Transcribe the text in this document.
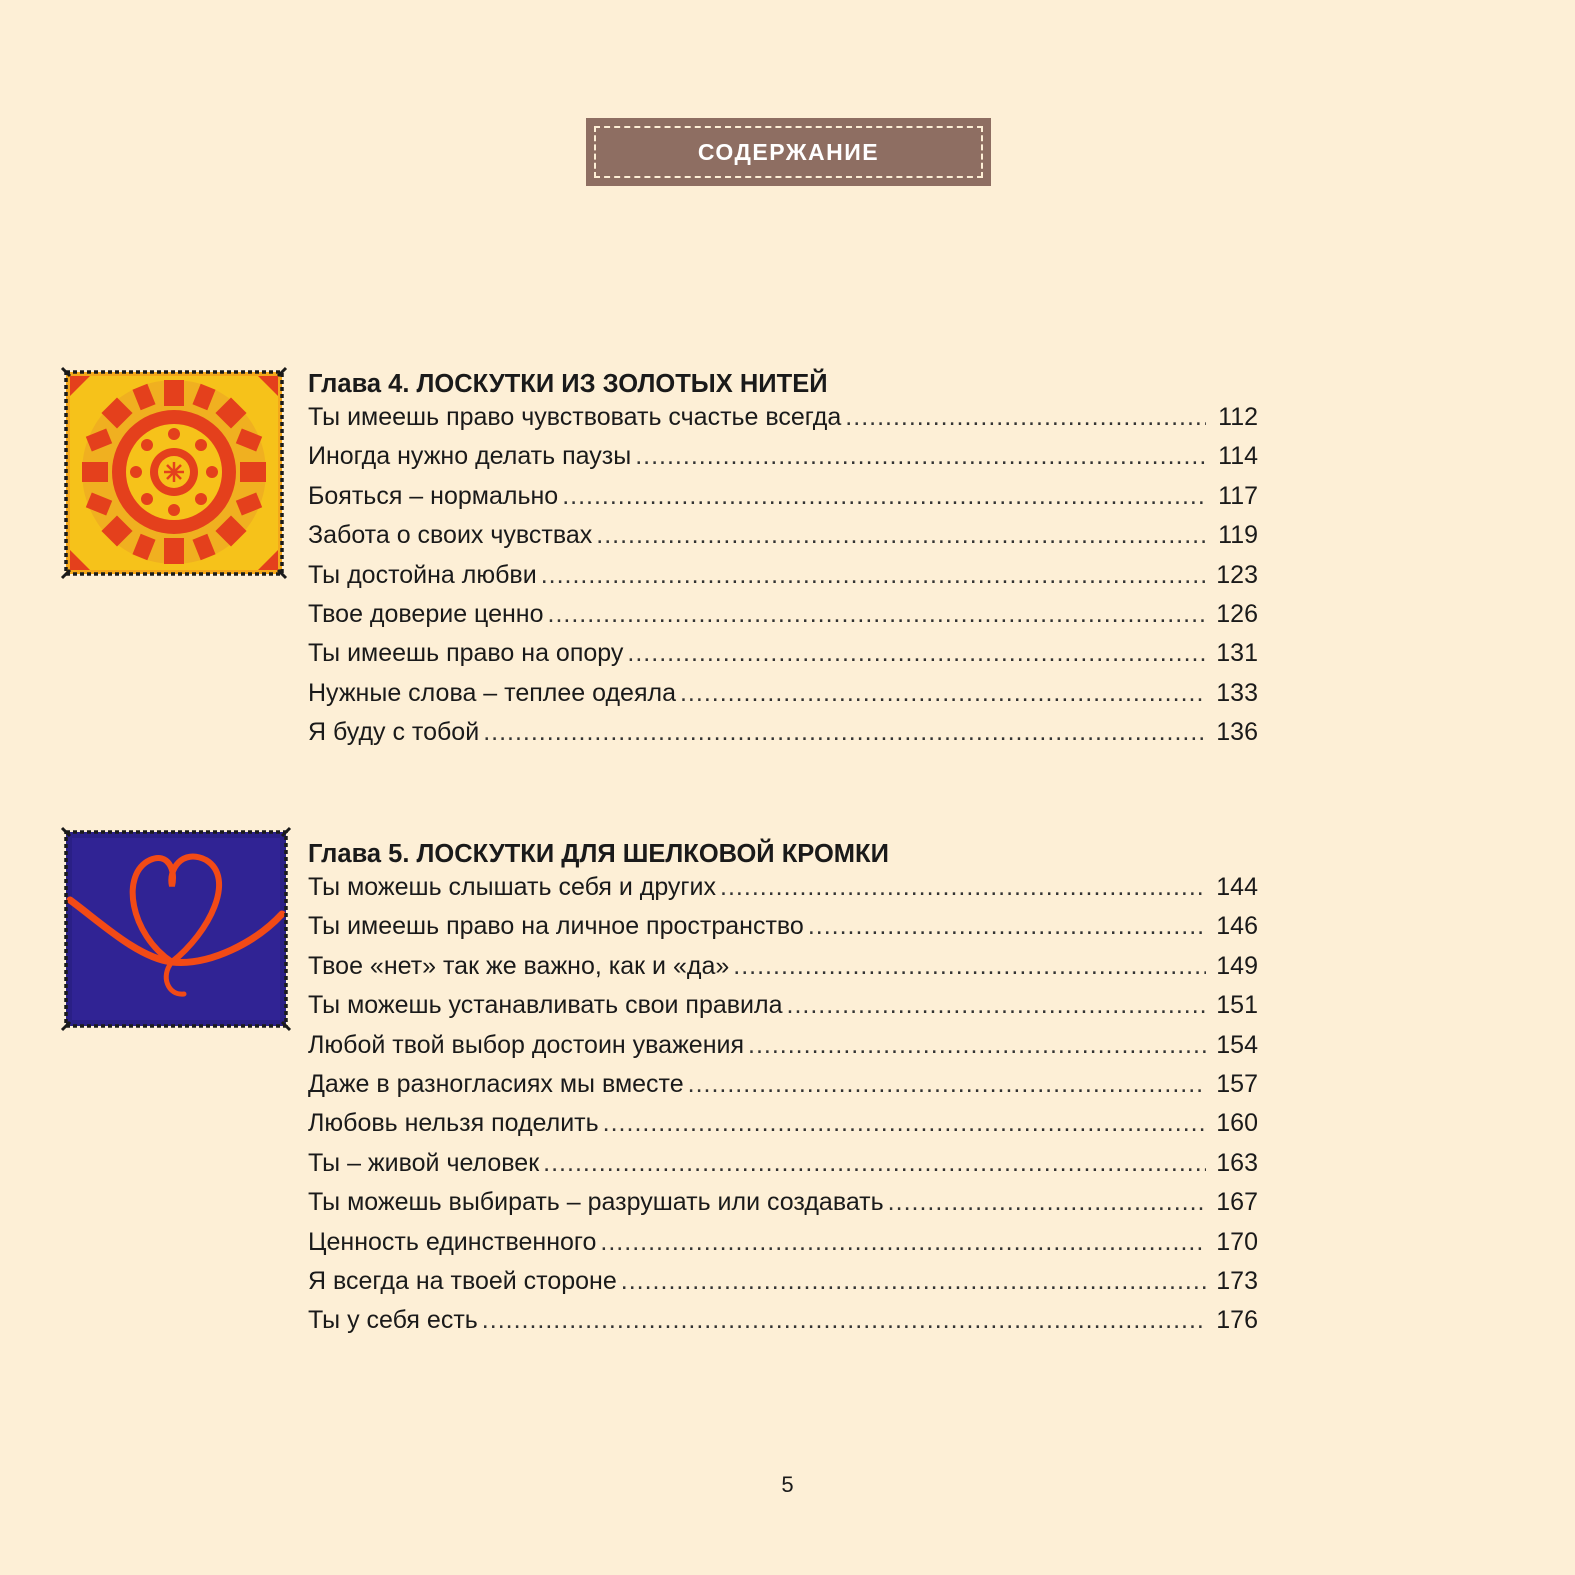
СОДЕРЖАНИЕ
Глава 4. ЛОСКУТКИ ИЗ ЗОЛОТЫХ НИТЕЙ
Ты имеешь право чувствовать счастье всегда .....	112
Иногда нужно делать паузы .....	114
Бояться – нормально .....	117
Забота о своих чувствах .....	119
Ты достойна любви .....	123
Твое доверие ценно .....	126
Ты имеешь право на опору .....	131
Нужные слова – теплее одеяла .....	133
Я буду с тобой .....	136
Глава 5. ЛОСКУТКИ ДЛЯ ШЕЛКОВОЙ КРОМКИ
Ты можешь слышать себя и других .....	144
Ты имеешь право на личное пространство .....	146
Твое «нет» так же важно, как и «да» .....	149
Ты можешь устанавливать свои правила .....	151
Любой твой выбор достоин уважения .....	154
Даже в разногласиях мы вместе .....	157
Любовь нельзя поделить .....	160
Ты – живой человек .....	163
Ты можешь выбирать – разрушать или создавать .....	167
Ценность единственного .....	170
Я всегда на твоей стороне .....	173
Ты у себя есть .....	176
5
